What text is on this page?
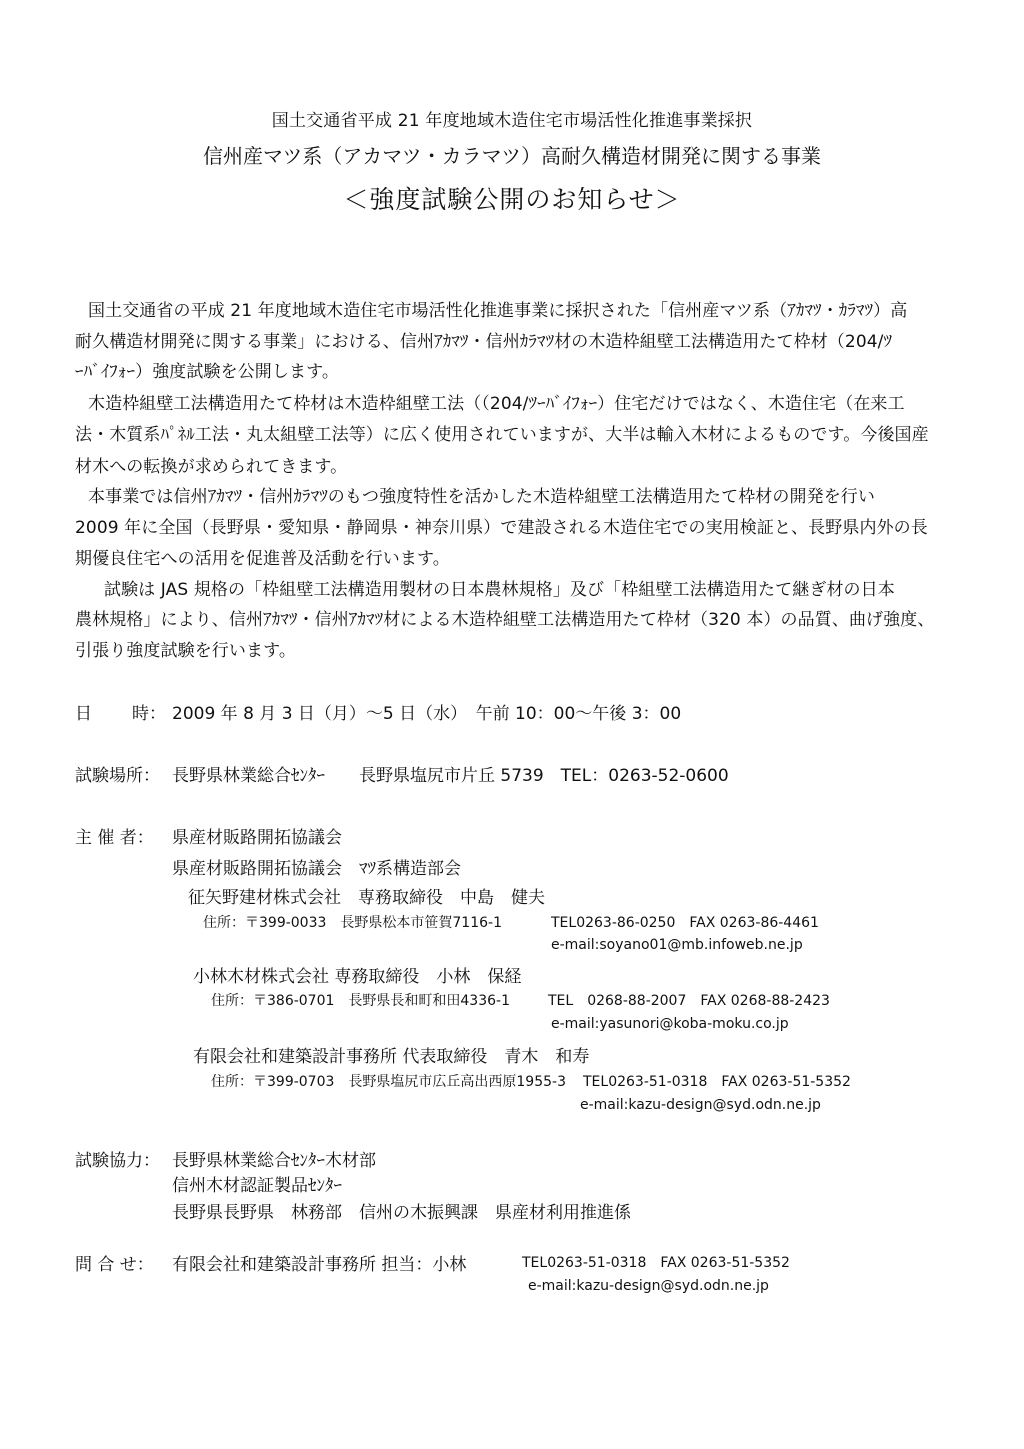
国土交通省平成 21 年度地域木造住宅市場活性化推進事業採択
信州産マツ系（アカマツ・カラマツ）高耐久構造材開発に関する事業
＜強度試験公開のお知らせ＞
国土交通省の平成 21 年度地域木造住宅市場活性化推進事業に採択された「信州産マツ系（ｱｶﾏﾂ・ｶﾗﾏﾂ）高
耐久構造材開発に関する事業」における、信州ｱｶﾏﾂ・信州ｶﾗﾏﾂ材の木造枠組壁工法構造用たて枠材（204/ﾂ
ｰﾊﾞｲﾌｫｰ）強度試験を公開します。
木造枠組壁工法構造用たて枠材は木造枠組壁工法（（204/ﾂｰﾊﾞｲﾌｫｰ）住宅だけではなく、木造住宅（在来工
法・木質系ﾊﾟﾈﾙ工法・丸太組壁工法等）に広く使用されていますが、大半は輸入木材によるものです。今後国産
材木への転換が求められてきます。
本事業では信州ｱｶﾏﾂ・信州ｶﾗﾏﾂのもつ強度特性を活かした木造枠組壁工法構造用たて枠材の開発を行い
2009 年に全国（長野県・愛知県・静岡県・神奈川県）で建設される木造住宅での実用検証と、長野県内外の長
期優良住宅への活用を促進普及活動を行います。
試験は JAS 規格の「枠組壁工法構造用製材の日本農林規格」及び「枠組壁工法構造用たて継ぎ材の日本
農林規格」により、信州ｱｶﾏﾂ・信州ｱｶﾏﾂ材による木造枠組壁工法構造用たて枠材（320 本）の品質、曲げ強度、
引張り強度試験を行います。
日 時： 2009 年 8 月 3 日（月）～5 日（水）　午前 10：00～午後 3：00
試験場所： 長野県林業総合ｾﾝﾀｰ　　長野県塩尻市片丘 5739　TEL：0263-52-0600
主 催 者： 県産材販路開拓協議会
県産材販路開拓協議会　ﾏﾂ系構造部会
征矢野建材株式会社　専務取締役　中島　健夫
住所：〒399-0033　長野県松本市笹賀7116-1	TEL0263-86-0250　FAX 0263-86-4461
e-mail:soyano01@mb.infoweb.ne.jp
小林木材株式会社 専務取締役　小林　保経
住所：〒386-0701　長野県長和町和田4336-1	TEL　0268-88-2007　FAX 0268-88-2423
e-mail:yasunori@koba-moku.co.jp
有限会社和建築設計事務所 代表取締役　青木　和寿
住所：〒399-0703　長野県塩尻市広丘高出西原1955-3 TEL0263-51-0318　FAX 0263-51-5352
e-mail:kazu-design@syd.odn.ne.jp
試験協力： 長野県林業総合ｾﾝﾀｰ木材部
信州木材認証製品ｾﾝﾀｰ
長野県長野県　林務部　信州の木振興課　県産材利用推進係
問 合 せ： 有限会社和建築設計事務所 担当：小林	TEL0263-51-0318　FAX 0263-51-5352
e-mail:kazu-design@syd.odn.ne.jp
